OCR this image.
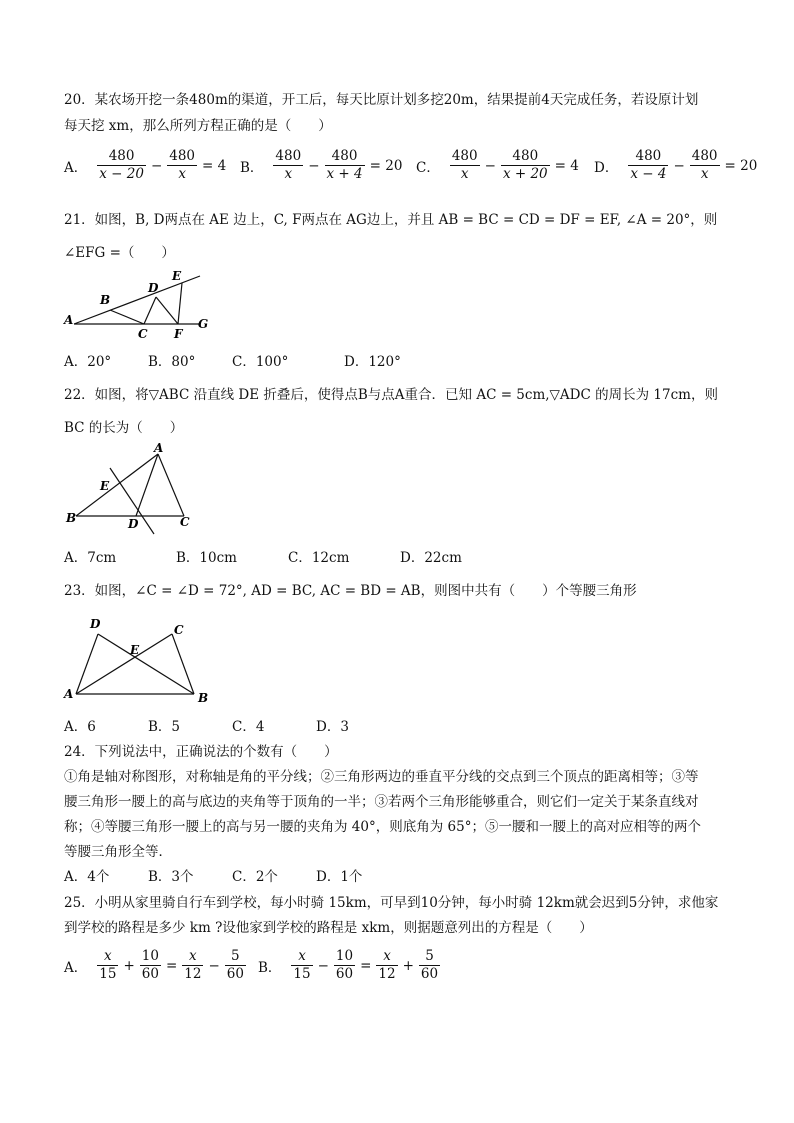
20．某农场开挖一条480m的渠道，开工后，每天比原计划多挖20m，结果提前4天完成任务，若设原计划
每天挖 xm，那么所列方程正确的是（　　）
A． $\frac{480}{x - 20} - \frac{480}{x} = 4$ B． $\frac{480}{x} - \frac{480}{x + 4} = 20$ C． $\frac{480}{x} - \frac{480}{x + 20} = 4$ D． $\frac{480}{x - 4} - \frac{480}{x} = 20$
21．如图，B, D两点在 AE 边上，C, F两点在 AG边上，并且 AB = BC = CD = DF = EF, ∠A = 20°，则
∠EFG =（　　）
A
B
C
D
E
F
G
A．20°	B．80°	C．100°	D．120°
22．如图，将▽ABC 沿直线 DE 折叠后，使得点B与点A重合．已知 AC = 5cm,▽ADC 的周长为 17cm，则
BC 的长为（　　）
A
B	C
D
E
A．7cm	B．10cm	C．12cm	D．22cm
23．如图，∠C = ∠D = 72°, AD = BC, AC = BD = AB，则图中共有（　　）个等腰三角形
D	C
E
A	B
A．6	B．5	C．4	D．3
24．下列说法中，正确说法的个数有（　　）
①角是轴对称图形，对称轴是角的平分线；②三角形两边的垂直平分线的交点到三个顶点的距离相等；③等
腰三角形一腰上的高与底边的夹角等于顶角的一半；③若两个三角形能够重合，则它们一定关于某条直线对
称；④等腰三角形一腰上的高与另一腰的夹角为 40°，则底角为 65°；⑤一腰和一腰上的高对应相等的两个
等腰三角形全等．
A．4个	B．3个	C．2个	D．1个
25．小明从家里骑自行车到学校，每小时骑 15km，可早到10分钟，每小时骑 12km就会迟到5分钟，求他家
到学校的路程是多少 km ?设他家到学校的路程是 xkm，则据题意列出的方程是（　　）
A． $\frac{x}{15} + \frac{10}{60} = \frac{x}{12} - \frac{5}{60}$ B． $\frac{x}{15} - \frac{10}{60} = \frac{x}{12} + \frac{5}{60}$
